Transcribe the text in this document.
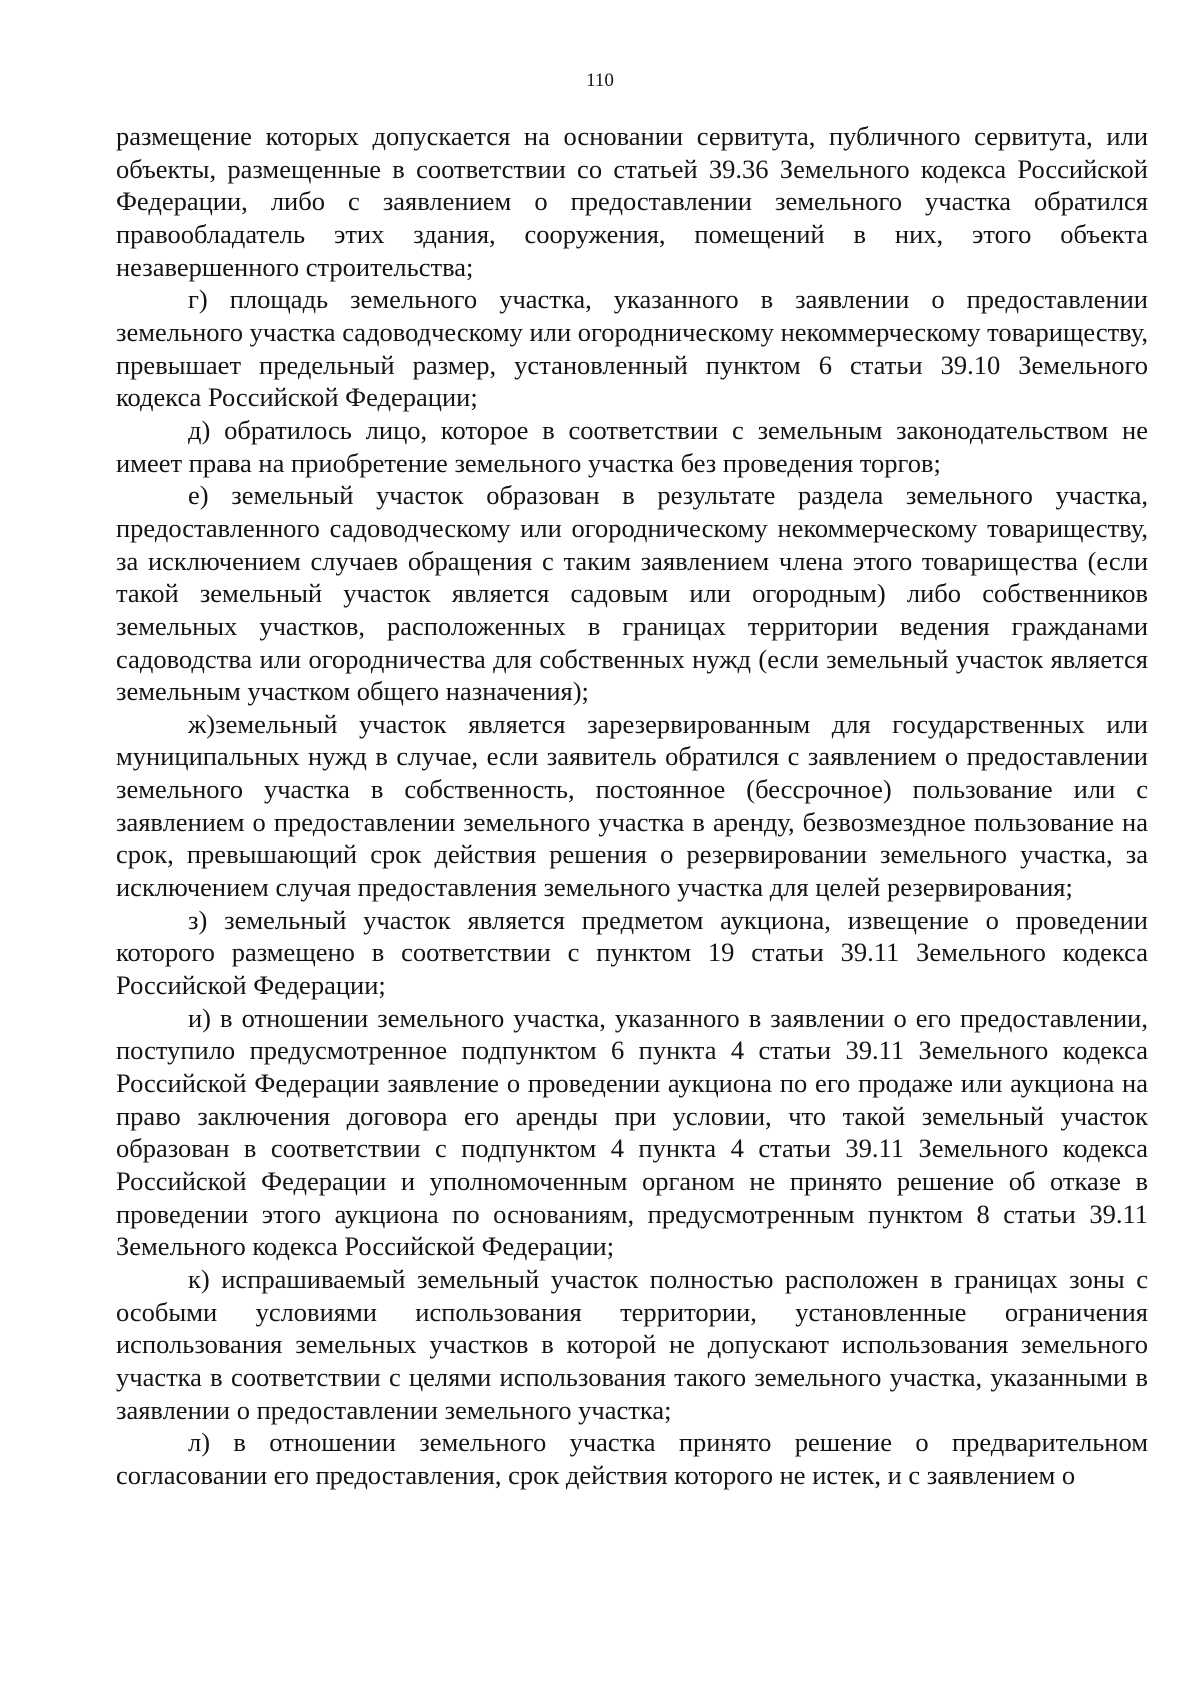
110

размещение которых допускается на основании сервитута, публичного сервитута, или объекты, размещенные в соответствии со статьей 39.36 Земельного кодекса Российской Федерации, либо с заявлением о предоставлении земельного участка обратился правообладатель этих здания, сооружения, помещений в них, этого объекта незавершенного строительства;

г) площадь земельного участка, указанного в заявлении о предоставлении земельного участка садоводческому или огородническому некоммерческому товариществу, превышает предельный размер, установленный пунктом 6 статьи 39.10 Земельного кодекса Российской Федерации;

д) обратилось лицо, которое в соответствии с земельным законодательством не имеет права на приобретение земельного участка без проведения торгов;

е) земельный участок образован в результате раздела земельного участка, предоставленного садоводческому или огородническому некоммерческому товариществу, за исключением случаев обращения с таким заявлением члена этого товарищества (если такой земельный участок является садовым или огородным) либо собственников земельных участков, расположенных в границах территории ведения гражданами садоводства или огородничества для собственных нужд (если земельный участок является земельным участком общего назначения);

ж)земельный участок является зарезервированным для государственных или муниципальных нужд в случае, если заявитель обратился с заявлением о предоставлении земельного участка в собственность, постоянное (бессрочное) пользование или с заявлением о предоставлении земельного участка в аренду, безвозмездное пользование на срок, превышающий срок действия решения о резервировании земельного участка, за исключением случая предоставления земельного участка для целей резервирования;

з) земельный участок является предметом аукциона, извещение о проведении которого размещено в соответствии с пунктом 19 статьи 39.11 Земельного кодекса Российской Федерации;

и) в отношении земельного участка, указанного в заявлении о его предоставлении, поступило предусмотренное подпунктом 6 пункта 4 статьи 39.11 Земельного кодекса Российской Федерации заявление о проведении аукциона по его продаже или аукциона на право заключения договора его аренды при условии, что такой земельный участок образован в соответствии с подпунктом 4 пункта 4 статьи 39.11 Земельного кодекса Российской Федерации и уполномоченным органом не принято решение об отказе в проведении этого аукциона по основаниям, предусмотренным пунктом 8 статьи 39.11 Земельного кодекса Российской Федерации;

к) испрашиваемый земельный участок полностью расположен в границах зоны с особыми условиями использования территории, установленные ограничения использования земельных участков в которой не допускают использования земельного участка в соответствии с целями использования такого земельного участка, указанными в заявлении о предоставлении земельного участка;

л) в отношении земельного участка принято решение о предварительном согласовании его предоставления, срок действия которого не истек, и с заявлением о
